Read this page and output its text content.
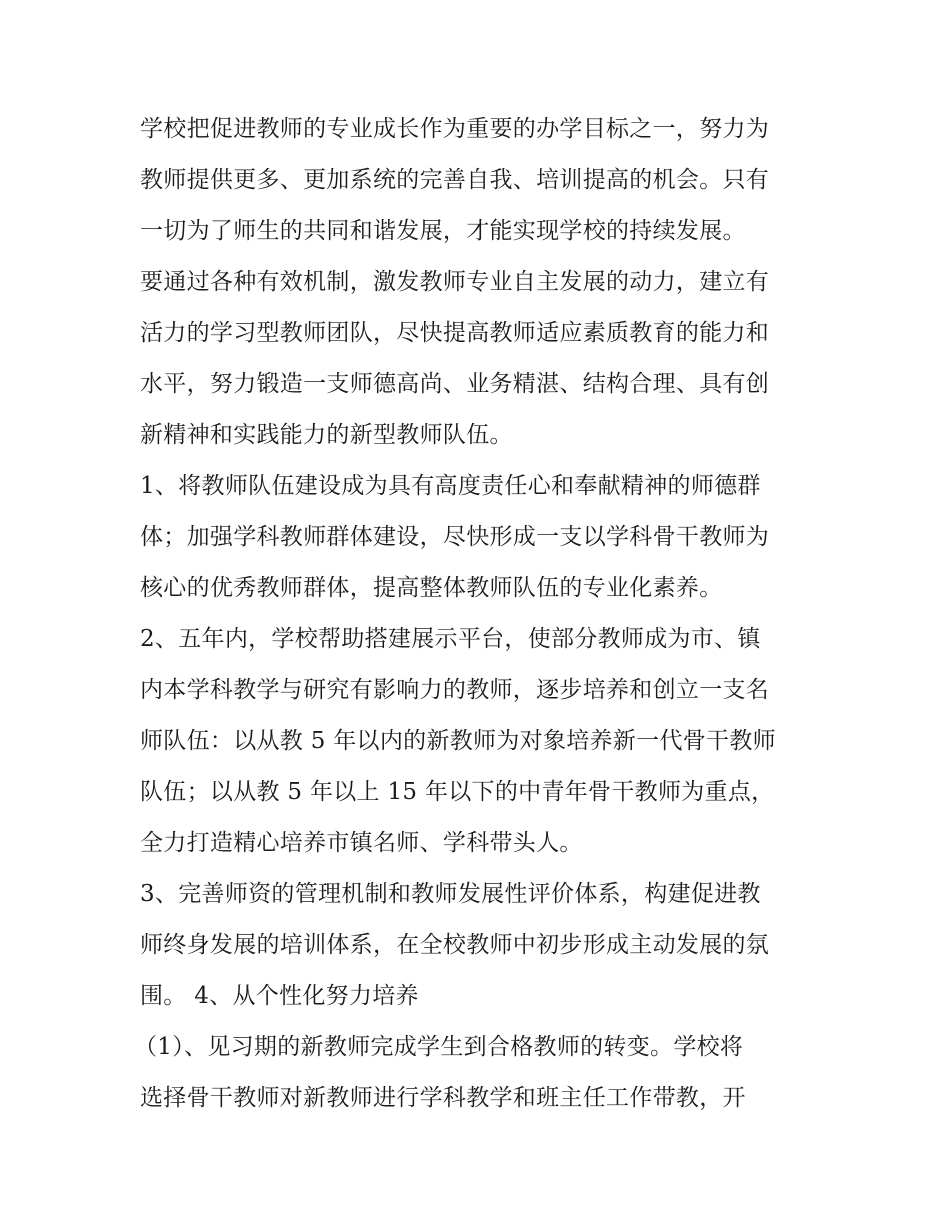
学校把促进教师的专业成长作为重要的办学目标之一，努力为
教师提供更多、更加系统的完善自我、培训提高的机会。只有
一切为了师生的共同和谐发展，才能实现学校的持续发展。
要通过各种有效机制，激发教师专业自主发展的动力，建立有
活力的学习型教师团队，尽快提高教师适应素质教育的能力和
水平，努力锻造一支师德高尚、业务精湛、结构合理、具有创
新精神和实践能力的新型教师队伍。
1、将教师队伍建设成为具有高度责任心和奉献精神的师德群
体；加强学科教师群体建设，尽快形成一支以学科骨干教师为
核心的优秀教师群体，提高整体教师队伍的专业化素养。
2、五年内，学校帮助搭建展示平台，使部分教师成为市、镇
内本学科教学与研究有影响力的教师，逐步培养和创立一支名
师队伍：以从教 5 年以内的新教师为对象培养新一代骨干教师
队伍；以从教 5 年以上 15 年以下的中青年骨干教师为重点，
全力打造精心培养市镇名师、学科带头人。
3、完善师资的管理机制和教师发展性评价体系，构建促进教
师终身发展的培训体系，在全校教师中初步形成主动发展的氛
围。 4、从个性化努力培养
（1）、见习期的新教师完成学生到合格教师的转变。学校将
选择骨干教师对新教师进行学科教学和班主任工作带教，开
